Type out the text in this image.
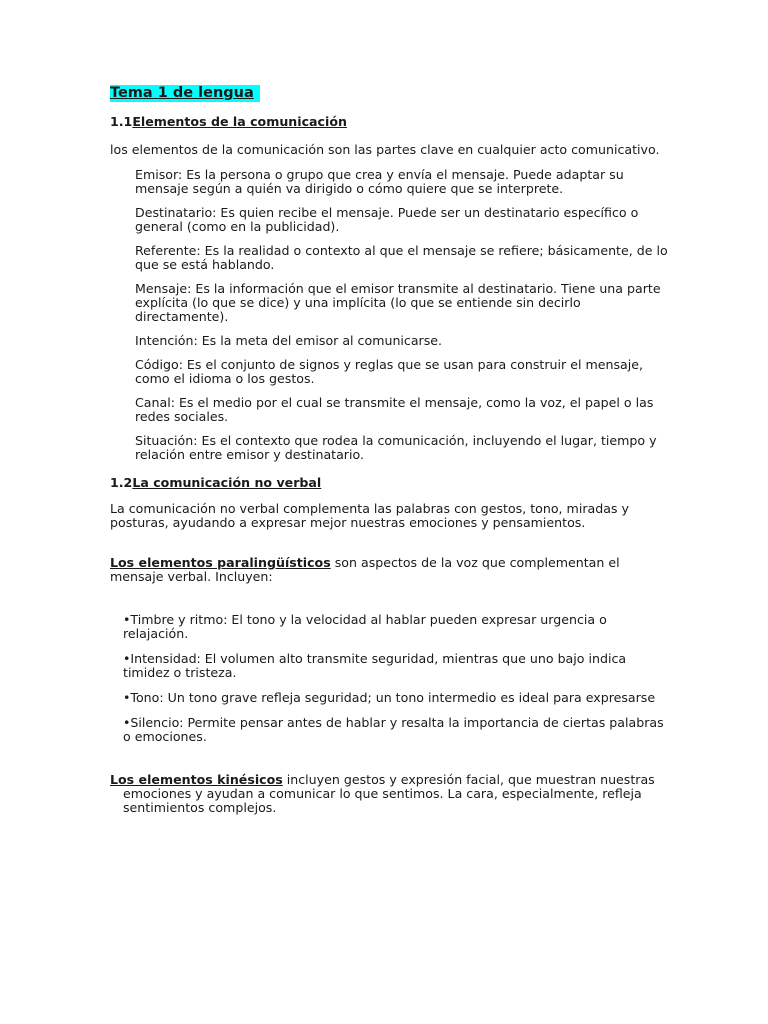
Tema 1 de lengua
1.1Elementos de la comunicación

los elementos de la comunicación son las partes clave en cualquier acto comunicativo.

Emisor: Es la persona o grupo que crea y envía el mensaje. Puede adaptar su mensaje según a quién va dirigido o cómo quiere que se interprete.

Destinatario: Es quien recibe el mensaje. Puede ser un destinatario específico o general (como en la publicidad).

Referente: Es la realidad o contexto al que el mensaje se refiere; básicamente, de lo que se está hablando.

Mensaje: Es la información que el emisor transmite al destinatario. Tiene una parte explícita (lo que se dice) y una implícita (lo que se entiende sin decirlo directamente).

Intención: Es la meta del emisor al comunicarse.

Código: Es el conjunto de signos y reglas que se usan para construir el mensaje, como el idioma o los gestos.

Canal: Es el medio por el cual se transmite el mensaje, como la voz, el papel o las redes sociales.

Situación: Es el contexto que rodea la comunicación, incluyendo el lugar, tiempo y relación entre emisor y destinatario.

1.2La comunicación no verbal

La comunicación no verbal complementa las palabras con gestos, tono, miradas y posturas, ayudando a expresar mejor nuestras emociones y pensamientos.

Los elementos paralingüísticos son aspectos de la voz que complementan el mensaje verbal. Incluyen:

•Timbre y ritmo: El tono y la velocidad al hablar pueden expresar urgencia o relajación.

•Intensidad: El volumen alto transmite seguridad, mientras que uno bajo indica timidez o tristeza.

•Tono: Un tono grave refleja seguridad; un tono intermedio es ideal para expresarse

•Silencio: Permite pensar antes de hablar y resalta la importancia de ciertas palabras o emociones.

Los elementos kinésicos incluyen gestos y expresión facial, que muestran nuestras emociones y ayudan a comunicar lo que sentimos. La cara, especialmente, refleja sentimientos complejos.
